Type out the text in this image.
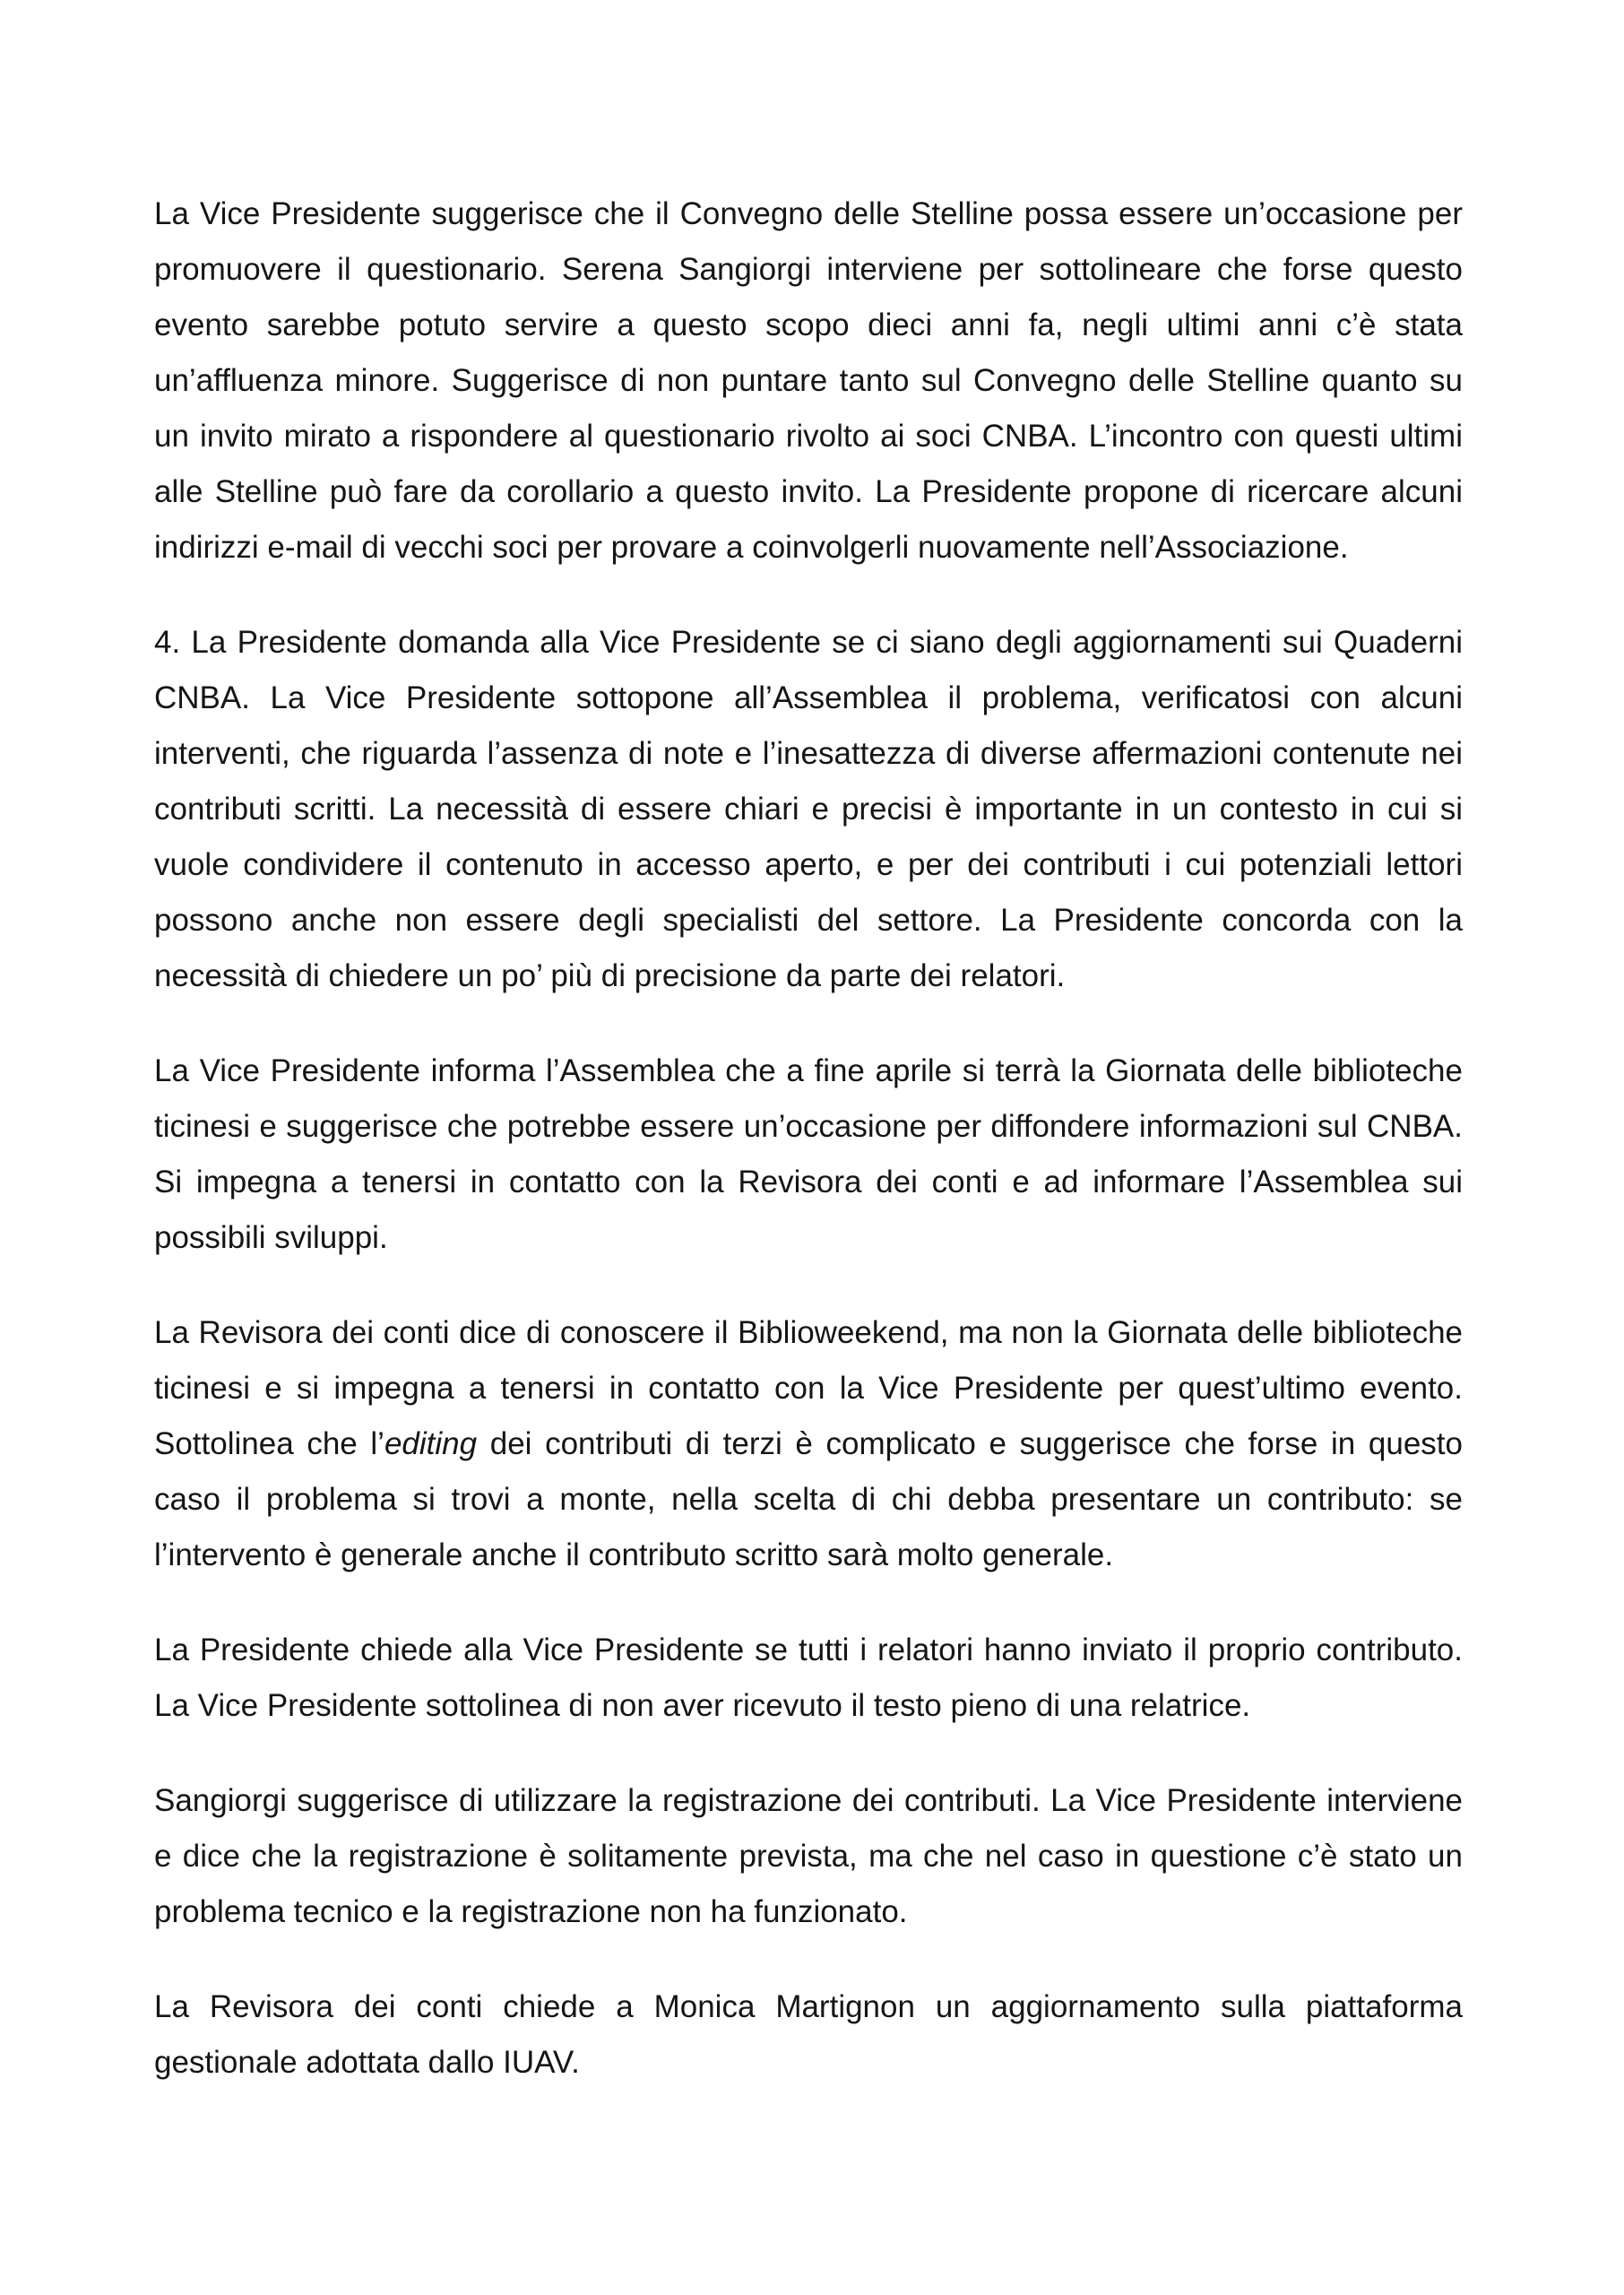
La Vice Presidente suggerisce che il Convegno delle Stelline possa essere un’occasione per promuovere il questionario. Serena Sangiorgi interviene per sottolineare che forse questo evento sarebbe potuto servire a questo scopo dieci anni fa, negli ultimi anni c’è stata un’affluenza minore. Suggerisce di non puntare tanto sul Convegno delle Stelline quanto su un invito mirato a rispondere al questionario rivolto ai soci CNBA. L’incontro con questi ultimi alle Stelline può fare da corollario a questo invito. La Presidente propone di ricercare alcuni indirizzi e-mail di vecchi soci per provare a coinvolgerli nuovamente nell’Associazione.

4. La Presidente domanda alla Vice Presidente se ci siano degli aggiornamenti sui Quaderni CNBA. La Vice Presidente sottopone all’Assemblea il problema, verificatosi con alcuni interventi, che riguarda l’assenza di note e l’inesattezza di diverse affermazioni contenute nei contributi scritti. La necessità di essere chiari e precisi è importante in un contesto in cui si vuole condividere il contenuto in accesso aperto, e per dei contributi i cui potenziali lettori possono anche non essere degli specialisti del settore. La Presidente concorda con la necessità di chiedere un po’ più di precisione da parte dei relatori.

La Vice Presidente informa l’Assemblea che a fine aprile si terrà la Giornata delle biblioteche ticinesi e suggerisce che potrebbe essere un’occasione per diffondere informazioni sul CNBA. Si impegna a tenersi in contatto con la Revisora dei conti e ad informare l’Assemblea sui possibili sviluppi.

La Revisora dei conti dice di conoscere il Biblioweekend, ma non la Giornata delle biblioteche ticinesi e si impegna a tenersi in contatto con la Vice Presidente per quest’ultimo evento. Sottolinea che l’editing dei contributi di terzi è complicato e suggerisce che forse in questo caso il problema si trovi a monte, nella scelta di chi debba presentare un contributo: se l’intervento è generale anche il contributo scritto sarà molto generale.

La Presidente chiede alla Vice Presidente se tutti i relatori hanno inviato il proprio contributo. La Vice Presidente sottolinea di non aver ricevuto il testo pieno di una relatrice.

Sangiorgi suggerisce di utilizzare la registrazione dei contributi. La Vice Presidente interviene e dice che la registrazione è solitamente prevista, ma che nel caso in questione c’è stato un problema tecnico e la registrazione non ha funzionato.

La Revisora dei conti chiede a Monica Martignon un aggiornamento sulla piattaforma gestionale adottata dallo IUAV.
